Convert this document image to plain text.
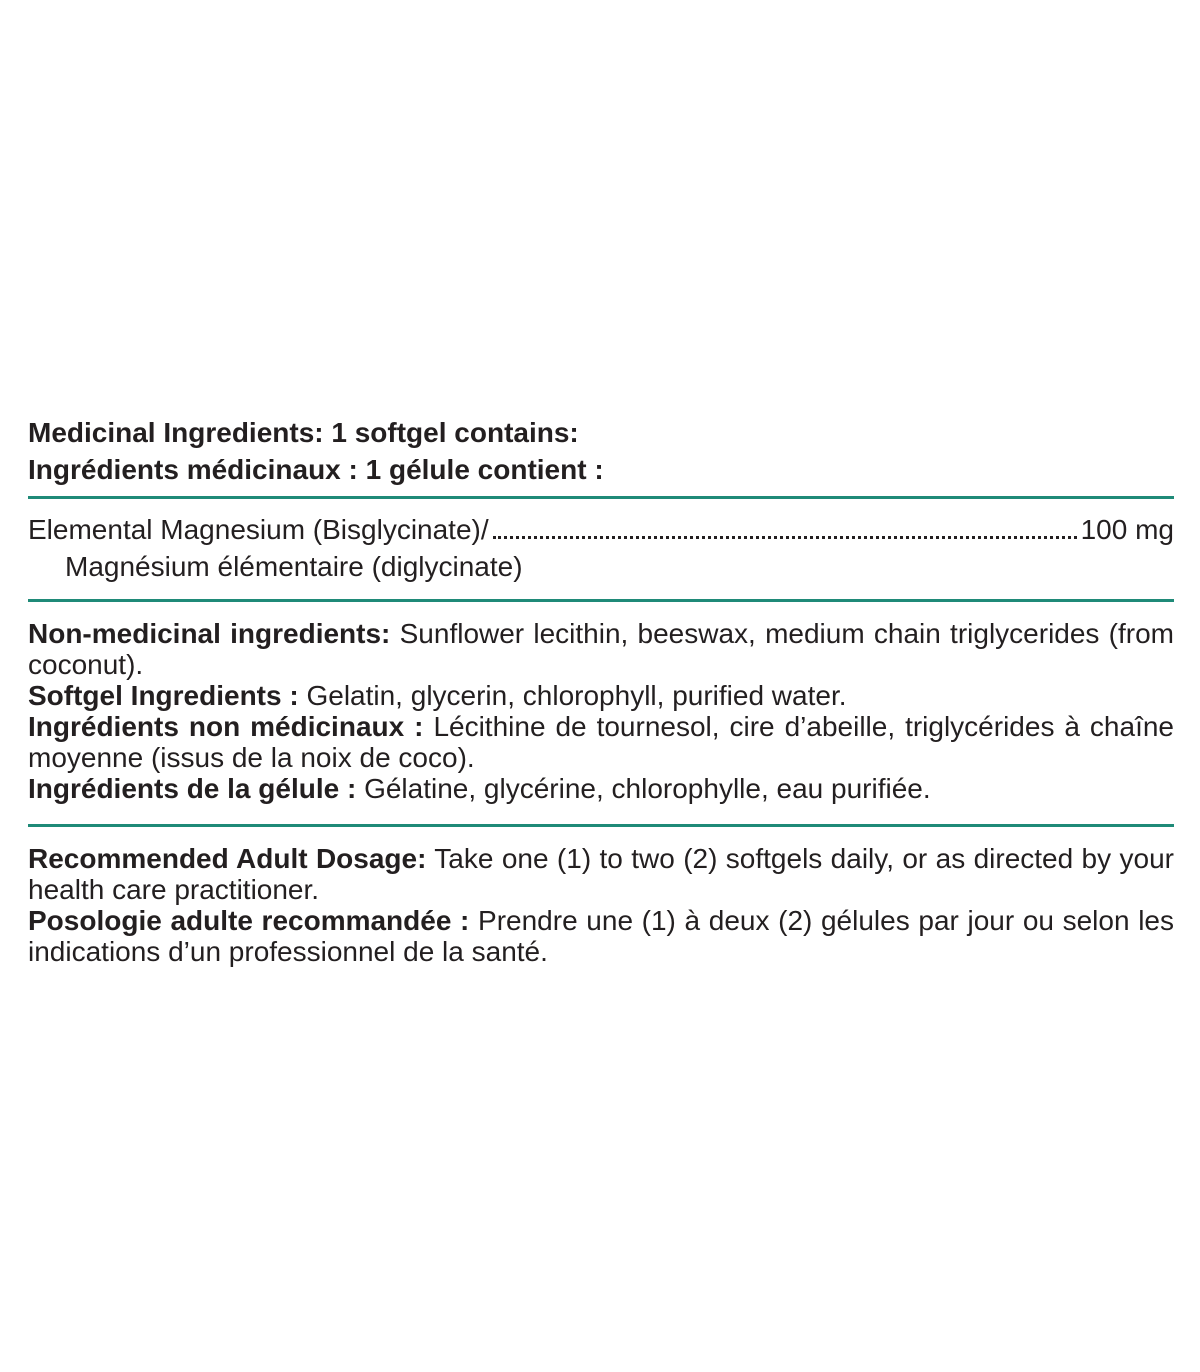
Medicinal Ingredients: 1 softgel contains:

Ingrédients médicinaux : 1 gélule contient :

Elemental Magnesium (Bisglycinate)/	100 mg
Magnésium élémentaire (diglycinate)

Non-medicinal ingredients: Sunflower lecithin, beeswax, medium chain triglycerides (from coconut).

Softgel Ingredients : Gelatin, glycerin, chlorophyll, purified water.

Ingrédients non médicinaux : Lécithine de tournesol, cire d’abeille, triglycérides à chaîne moyenne (issus de la noix de coco).

Ingrédients de la gélule : Gélatine, glycérine, chlorophylle, eau purifiée.

Recommended Adult Dosage: Take one (1) to two (2) softgels daily, or as directed by your health care practitioner.

Posologie adulte recommandée : Prendre une (1) à deux (2) gélules par jour ou selon les indications d’un professionnel de la santé.
